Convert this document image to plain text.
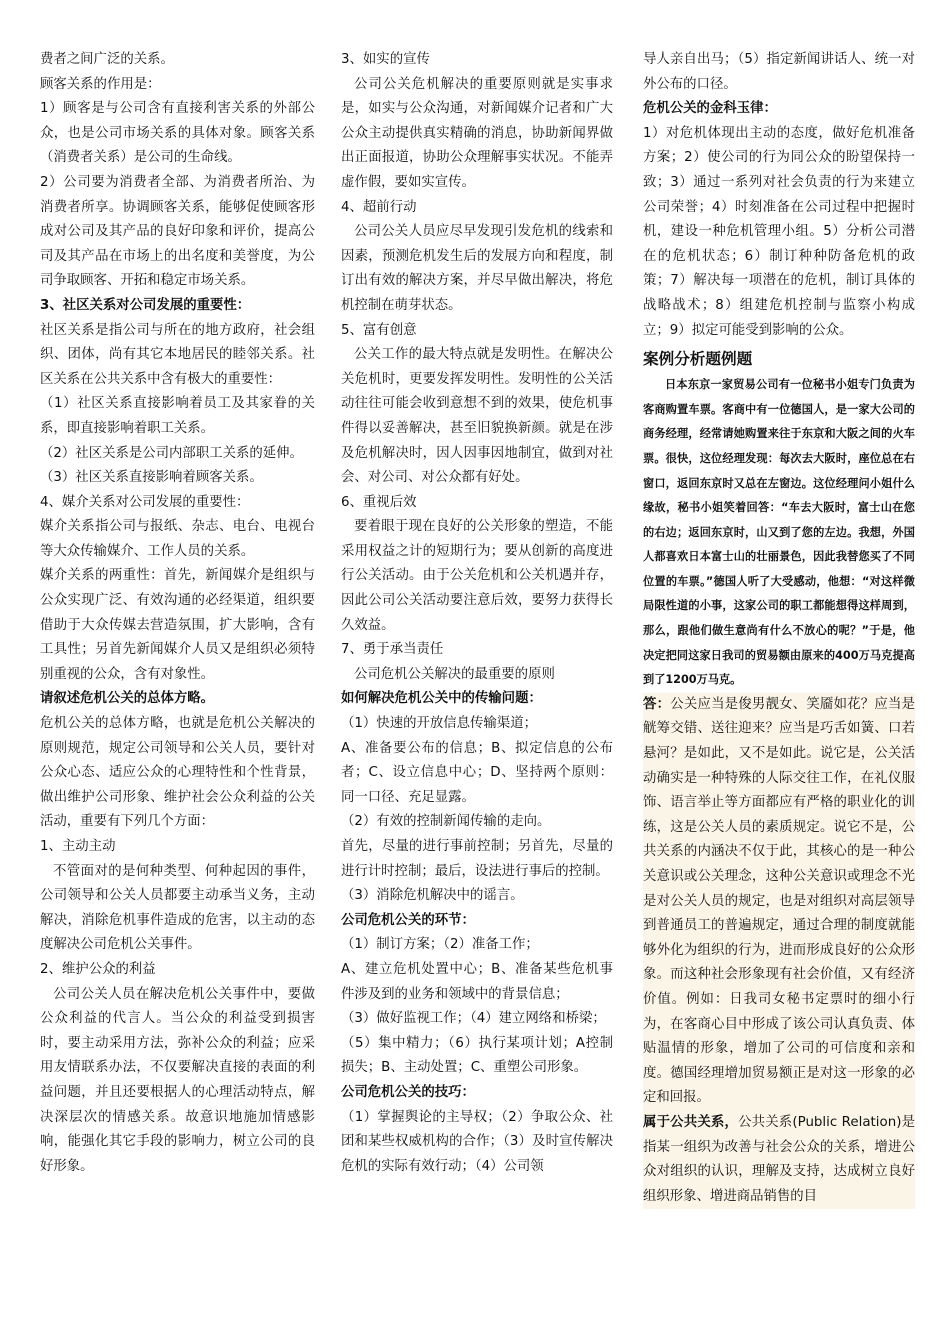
费者之间广泛的关系。

顾客关系的作用是：

1）顾客是与公司含有直接利害关系的外部公众，也是公司市场关系的具体对象。顾客关系（消费者关系）是公司的生命线。

2）公司要为消费者全部、为消费者所治、为消费者所享。协调顾客关系，能够促使顾客形成对公司及其产品的良好印象和评价，提高公司及其产品在市场上的出名度和美誉度，为公司争取顾客、开拓和稳定市场关系。

3、社区关系对公司发展的重要性：

社区关系是指公司与所在的地方政府，社会组织、团体，尚有其它本地居民的睦邻关系。社区关系在公共关系中含有极大的重要性：

（1）社区关系直接影响着员工及其家眷的关系，即直接影响着职工关系。

（2）社区关系是公司内部职工关系的延伸。

（3）社区关系直接影响着顾客关系。

4、媒介关系对公司发展的重要性：

媒介关系指公司与报纸、杂志、电台、电视台等大众传输媒介、工作人员的关系。

媒介关系的两重性：首先，新闻媒介是组织与公众实现广泛、有效沟通的必经渠道，组织要借助于大众传媒去营造氛围，扩大影响，含有工具性；另首先新闻媒介人员又是组织必须特别重视的公众，含有对象性。

请叙述危机公关的总体方略。

危机公关的总体方略，也就是危机公关解决的原则规范，规定公司领导和公关人员，要针对公众心态、适应公众的心理特性和个性背景，做出维护公司形象、维护社会公众利益的公关活动，重要有下列几个方面：

1、主动主动

不管面对的是何种类型、何种起因的事件，公司领导和公关人员都要主动承当义务，主动解决，消除危机事件造成的危害，以主动的态度解决公司危机公关事件。

2、维护公众的利益

公司公关人员在解决危机公关事件中，要做公众利益的代言人。当公众的利益受到损害时，要主动采用方法，弥补公众的利益；应采用友情联系办法，不仅要解决直接的表面的利益问题，并且还要根据人的心理活动特点，解决深层次的情感关系。故意识地施加情感影响，能强化其它手段的影响力，树立公司的良好形象。

3、如实的宣传

公司公关危机解决的重要原则就是实事求是，如实与公众沟通，对新闻媒介记者和广大公众主动提供真实精确的消息，协助新闻界做出正面报道，协助公众理解事实状况。不能弄虚作假，要如实宣传。

4、超前行动

公司公关人员应尽早发现引发危机的线索和因素，预测危机发生后的发展方向和程度，制订出有效的解决方案，并尽早做出解决，将危机控制在萌芽状态。

5、富有创意

公关工作的最大特点就是发明性。在解决公关危机时，更要发挥发明性。发明性的公关活动往往可能会收到意想不到的效果，使危机事件得以妥善解决，甚至旧貌换新颜。就是在涉及危机解决时，因人因事因地制宜，做到对社会、对公司、对公众都有好处。

6、重视后效

要着眼于现在良好的公关形象的塑造，不能采用权益之计的短期行为；要从创新的高度进行公关活动。由于公关危机和公关机遇并存，因此公司公关活动要注意后效，要努力获得长久效益。

7、勇于承当责任

公司危机公关解决的最重要的原则

如何解决危机公关中的传输问题：

（1）快速的开放信息传输渠道；

A、准备要公布的信息；B、拟定信息的公布者；C、设立信息中心；D、坚持两个原则：同一口径、充足显露。

（2）有效的控制新闻传输的走向。

首先，尽量的进行事前控制；另首先，尽量的进行计时控制；最后，设法进行事后的控制。

（3）消除危机解决中的谣言。

公司危机公关的环节：

（1）制订方案；（2）准备工作；

A、建立危机处置中心；B、准备某些危机事件涉及到的业务和领域中的背景信息；

（3）做好监视工作；（4）建立网络和桥梁；

（5）集中精力；（6）执行某项计划；A控制损失；B、主动处置；C、重塑公司形象。

公司危机公关的技巧：

（1）掌握舆论的主导权；（2）争取公众、社团和某些权威机构的合作；（3）及时宣传解决危机的实际有效行动；（4）公司领

导人亲自出马；（5）指定新闻讲话人、统一对外公布的口径。

危机公关的金科玉律：

1）对危机体现出主动的态度，做好危机准备方案；2）使公司的行为同公众的盼望保持一致；3）通过一系列对社会负责的行为来建立公司荣誉；4）时刻准备在公司过程中把握时机，建设一种危机管理小组。5）分析公司潜在的危机状态；6）制订种种防备危机的政策；7）解决每一项潜在的危机，制订具体的战略战术；8）组建危机控制与监察小构成立；9）拟定可能受到影响的公众。

案例分析题例题

日本东京一家贸易公司有一位秘书小姐专门负责为客商购置车票。客商中有一位德国人，是一家大公司的商务经理，经常请她购置来往于东京和大阪之间的火车票。很快，这位经理发现：每次去大阪时，座位总在右窗口，返回东京时又总在左窗边。这位经理问小姐什么缘故，秘书小姐笑着回答：“车去大阪时，富士山在您的右边；返回东京时，山又到了您的左边。我想，外国人都喜欢日本富士山的壮丽景色，因此我替您买了不同位置的车票。”德国人听了大受感动，他想：“对这样微局限性道的小事，这家公司的职工都能想得这样周到，那么，跟他们做生意尚有什么不放心的呢？”于是，他决定把同这家日我司的贸易额由原来的400万马克提高到了1200万马克。

答：公关应当是俊男靓女、笑靥如花？应当是觥筹交错、送往迎来？应当是巧舌如簧、口若悬河？是如此，又不是如此。说它是，公关活动确实是一种特殊的人际交往工作，在礼仪服饰、语言举止等方面都应有严格的职业化的训练，这是公关人员的素质规定。说它不是，公共关系的内涵决不仅于此，其核心的是一种公关意识或公关理念，这种公关意识或理念不光是对公关人员的规定，也是对组织对高层领导到普通员工的普遍规定，通过合理的制度就能够外化为组织的行为，进而形成良好的公众形象。而这种社会形象现有社会价值，又有经济价值。例如：日我司女秘书定票时的细小行为，在客商心目中形成了该公司认真负责、体贴温情的形象，增加了公司的可信度和亲和度。德国经理增加贸易额正是对这一形象的必定和回报。

属于公共关系，公共关系(Public Relation)是指某一组织为改善与社会公众的关系，增进公众对组织的认识，理解及支持，达成树立良好组织形象、增进商品销售的目
